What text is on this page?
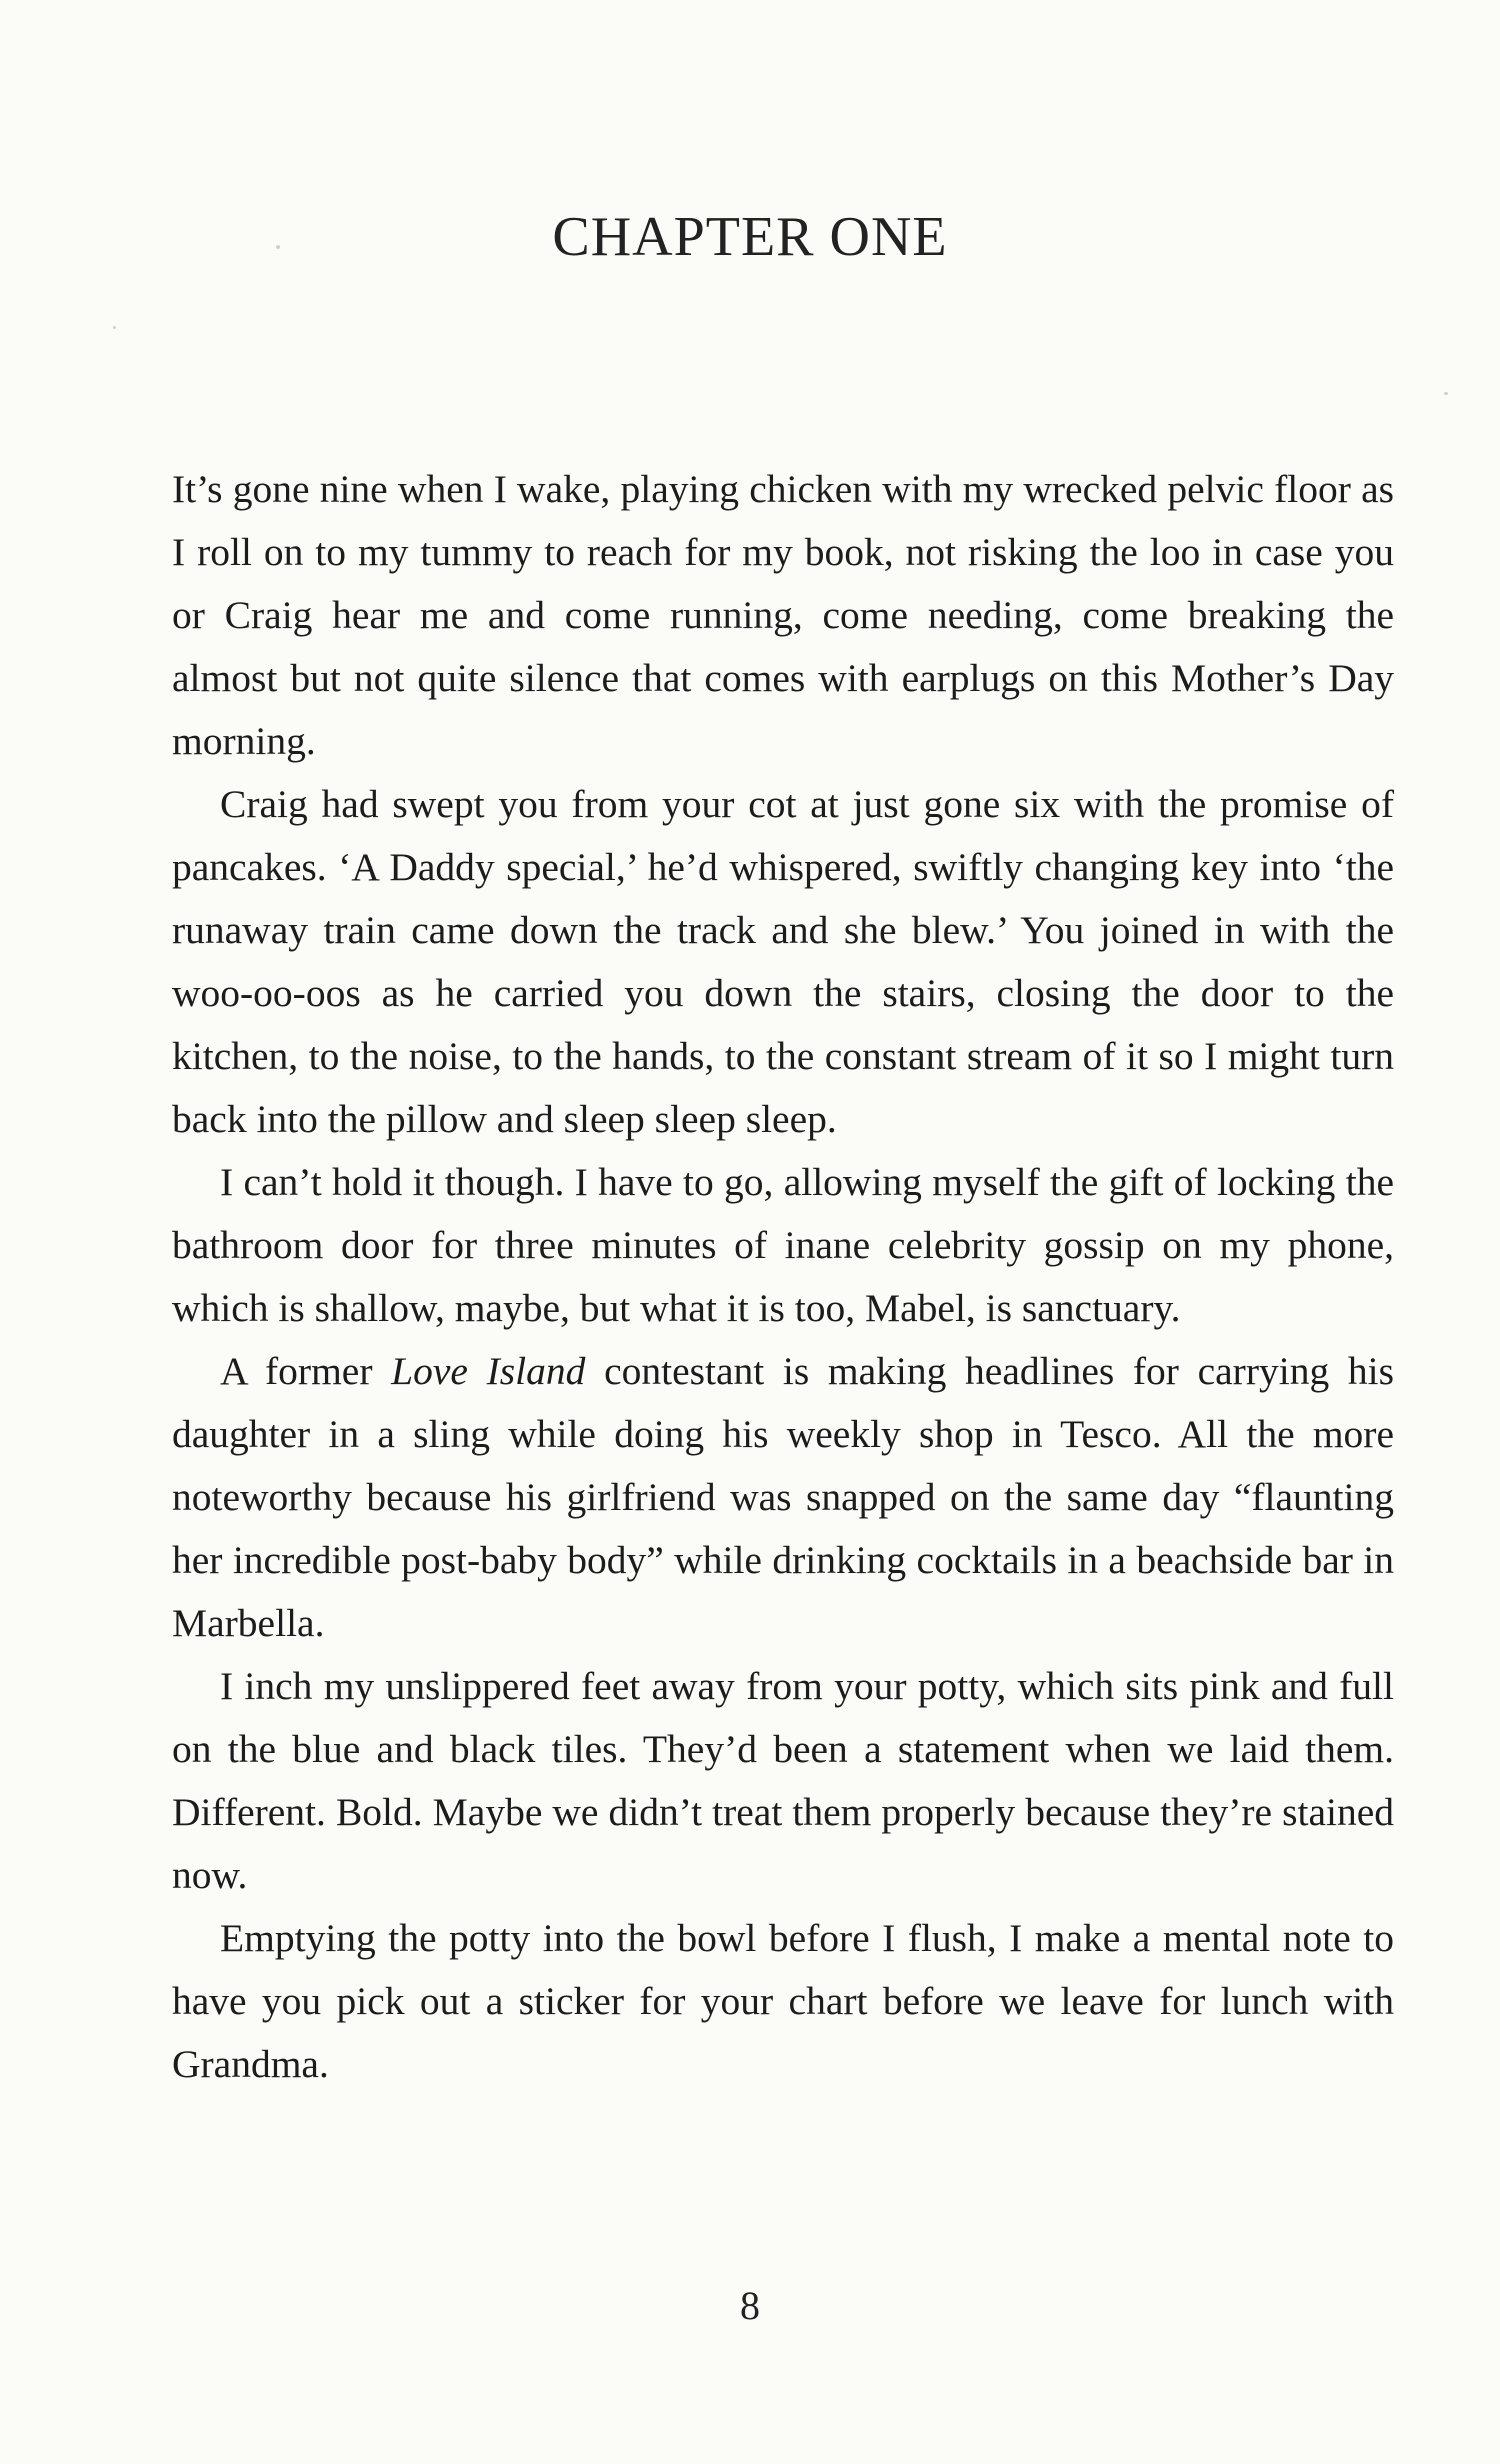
CHAPTER ONE

It’s gone nine when I wake, playing chicken with my wrecked pelvic floor as I roll on to my tummy to reach for my book, not risking the loo in case you or Craig hear me and come running, come needing, come breaking the almost but not quite silence that comes with earplugs on this Mother’s Day morning.

Craig had swept you from your cot at just gone six with the promise of pancakes. ‘A Daddy special,’ he’d whispered, swiftly changing key into ‘the runaway train came down the track and she blew.’ You joined in with the woo-oo-oos as he carried you down the stairs, closing the door to the kitchen, to the noise, to the hands, to the constant stream of it so I might turn back into the pillow and sleep sleep sleep.

I can’t hold it though. I have to go, allowing myself the gift of locking the bathroom door for three minutes of inane celebrity gossip on my phone, which is shallow, maybe, but what it is too, Mabel, is sanctuary.

A former Love Island contestant is making headlines for carrying his daughter in a sling while doing his weekly shop in Tesco. All the more noteworthy because his girlfriend was snapped on the same day “flaunting her incredible post-baby body” while drinking cocktails in a beachside bar in Marbella.

I inch my unslippered feet away from your potty, which sits pink and full on the blue and black tiles. They’d been a statement when we laid them. Different. Bold. Maybe we didn’t treat them properly because they’re stained now.

Emptying the potty into the bowl before I flush, I make a mental note to have you pick out a sticker for your chart before we leave for lunch with Grandma.

8
